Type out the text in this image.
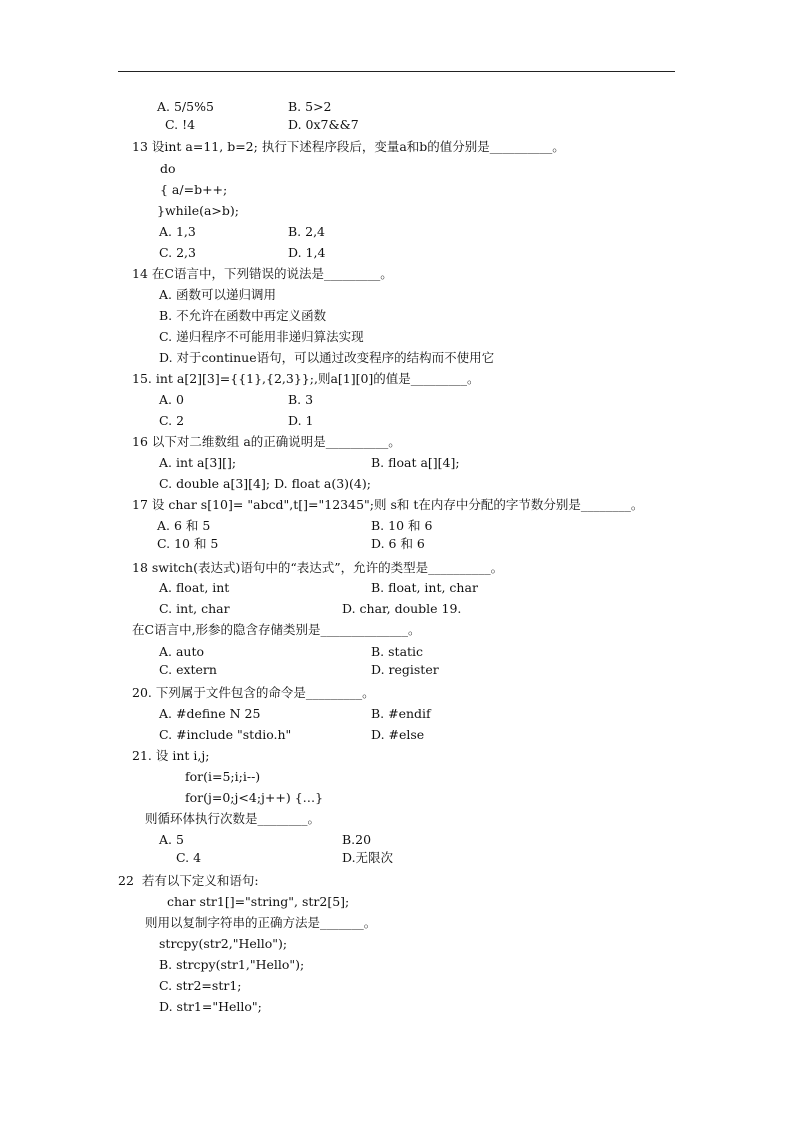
A. 5/5%5	B. 5>2
C. !4	D. 0x7&&7
13 设int a=11, b=2; 执行下述程序段后，变量a和b的值分别是__________。
do
{ a/=b++;
}while(a>b);
A. 1,3	B. 2,4
C. 2,3	D. 1,4
14 在C语言中，下列错误的说法是_________。
A. 函数可以递归调用
B. 不允许在函数中再定义函数
C. 递归程序不可能用非递归算法实现
D. 对于continue语句，可以通过改变程序的结构而不使用它
15. int a[2][3]={{1},{2,3}};,则a[1][0]的值是_________。
A. 0	B. 3
C. 2	D. 1
16 以下对二维数组 a的正确说明是__________。
A. int a[3][];	B. float a[][4];
C. double a[3][4]; D. float a(3)(4);
17 设 char s[10]= "abcd",t[]="12345";则 s和 t在内存中分配的字节数分别是________。
A. 6 和 5	B. 10 和 6
C. 10 和 5	D. 6 和 6
18 switch(表达式)语句中的“表达式”，允许的类型是__________。
A. float, int	B. float, int, char
C. int, char	D. char, double 19.
在C语言中,形参的隐含存储类别是______________。
A. auto	B. static
C. extern	D. register
20. 下列属于文件包含的命令是_________。
A. #define N 25	B. #endif
C. #include "stdio.h"	D. #else
21. 设 int i,j;
for(i=5;i;i--)
for(j=0;j<4;j++) {…}
则循环体执行次数是________。
A. 5	B.20
C. 4	D.无限次
22  若有以下定义和语句:
char str1[]="string", str2[5];
则用以复制字符串的正确方法是_______。
strcpy(str2,"Hello");
B. strcpy(str1,"Hello");
C. str2=str1;
D. str1="Hello";
